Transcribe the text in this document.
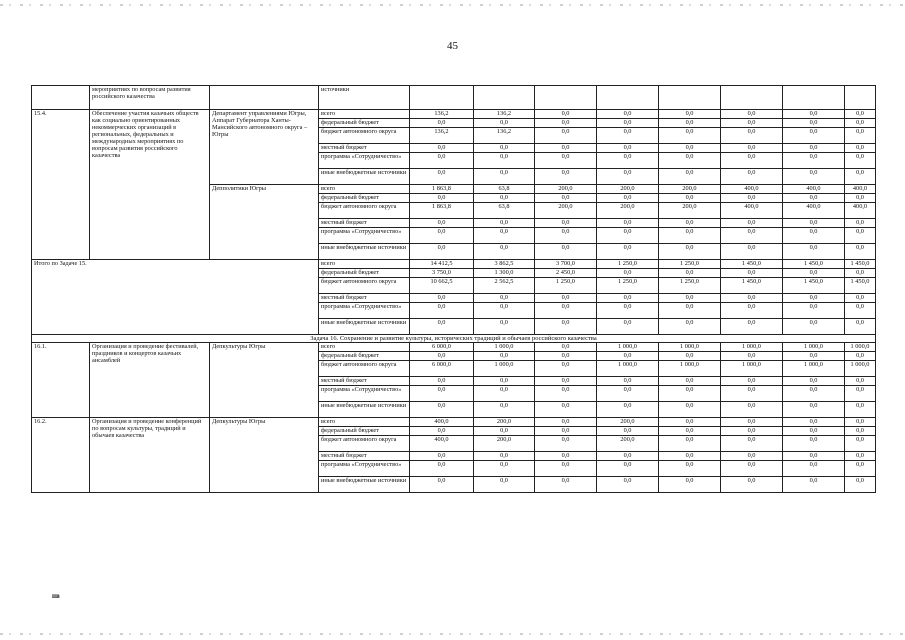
45
	мероприятиях по вопросам развития российского казачества		источники								
15.4.	Обеспечение участия казачьих обществ как социально ориентированных некоммерческих организаций в региональных, федеральных и международных мероприятиях по вопросам развития российского казачества	Департамент управлениями Югры, Аппарат Губернатора Ханты-Мансийского автономного округа – Югры	всего	136,2	136,2	0,0	0,0	0,0	0,0	0,0	0,0
			федеральный бюджет	0,0	0,0	0,0	0,0	0,0	0,0	0,0	0,0
			бюджет автономного округа	136,2	136,2	0,0	0,0	0,0	0,0	0,0	0,0
			местный бюджет	0,0	0,0	0,0	0,0	0,0	0,0	0,0	0,0
			программа «Сотрудничество»	0,0	0,0	0,0	0,0	0,0	0,0	0,0	0,0
			иные внебюджетные источники	0,0	0,0	0,0	0,0	0,0	0,0	0,0	0,0
		Депполитики Югры	всего	1 863,8	63,8	200,0	200,0	200,0	400,0	400,0	400,0
			федеральный бюджет	0,0	0,0	0,0	0,0	0,0	0,0	0,0	0,0
			бюджет автономного округа	1 863,8	63,8	200,0	200,0	200,0	400,0	400,0	400,0
			местный бюджет	0,0	0,0	0,0	0,0	0,0	0,0	0,0	0,0
			программа «Сотрудничество»	0,0	0,0	0,0	0,0	0,0	0,0	0,0	0,0
			иные внебюджетные источники	0,0	0,0	0,0	0,0	0,0	0,0	0,0	0,0
Итого по Задаче 15.			всего	14 412,5	3 862,5	3 700,0	1 250,0	1 250,0	1 450,0	1 450,0	1 450,0
			федеральный бюджет	3 750,0	1 300,0	2 450,0	0,0	0,0	0,0	0,0	0,0
			бюджет автономного округа	10 662,5	2 562,5	1 250,0	1 250,0	1 250,0	1 450,0	1 450,0	1 450,0
			местный бюджет	0,0	0,0	0,0	0,0	0,0	0,0	0,0	0,0
			программа «Сотрудничество»	0,0	0,0	0,0	0,0	0,0	0,0	0,0	0,0
			иные внебюджетные источники	0,0	0,0	0,0	0,0	0,0	0,0	0,0	0,0
Задача 16. Сохранение и развитие культуры, исторических традиций и обычаев российского казачества											
16.1.	Организация и проведение фестивалей, праздников и концертов казачьих ансамблей	Депкультуры Югры	всего	6 000,0	1 000,0	0,0	1 000,0	1 000,0	1 000,0	1 000,0	1 000,0
			федеральный бюджет	0,0	0,0	0,0	0,0	0,0	0,0	0,0	0,0
			бюджет автономного округа	6 000,0	1 000,0	0,0	1 000,0	1 000,0	1 000,0	1 000,0	1 000,0
			местный бюджет	0,0	0,0	0,0	0,0	0,0	0,0	0,0	0,0
			программа «Сотрудничество»	0,0	0,0	0,0	0,0	0,0	0,0	0,0	0,0
			иные внебюджетные источники	0,0	0,0	0,0	0,0	0,0	0,0	0,0	0,0
16.2.	Организация и проведение конференций по вопросам культуры, традиций и обычаев казачества	Депкультуры Югры	всего	400,0	200,0	0,0	200,0	0,0	0,0	0,0	0,0
			федеральный бюджет	0,0	0,0	0,0	0,0	0,0	0,0	0,0	0,0
			бюджет автономного округа	400,0	200,0	0,0	200,0	0,0	0,0	0,0	0,0
			местный бюджет	0,0	0,0	0,0	0,0	0,0	0,0	0,0	0,0
			программа «Сотрудничество»	0,0	0,0	0,0	0,0	0,0	0,0	0,0	0,0
			иные внебюджетные источники	0,0	0,0	0,0	0,0	0,0	0,0	0,0	0,0
пв
